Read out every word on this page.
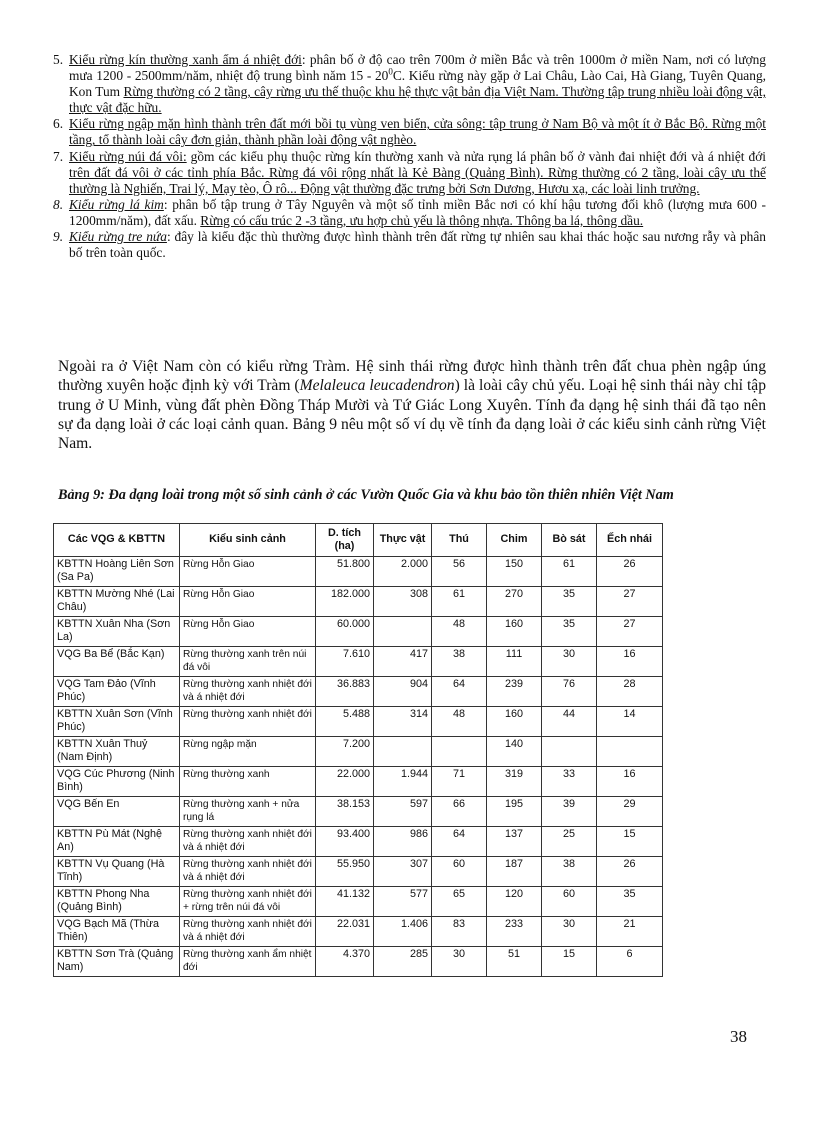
5. Kiểu rừng kín thường xanh ẩm á nhiệt đới: phân bố ở độ cao trên 700m ở miền Bắc và trên 1000m ở miền Nam, nơi có lượng mưa 1200 - 2500mm/năm, nhiệt độ trung bình năm $15 - 20^0C$. Kiểu rừng này gặp ở Lai Châu, Lào Cai, Hà Giang, Tuyên Quang, Kon Tum Rừng thường có 2 tầng, cây rừng ưu thế thuộc khu hệ thực vật bản địa Việt Nam. Thường tập trung nhiều loài động vật, thực vật đặc hữu.
6. Kiểu rừng ngập mặn hình thành trên đất mới bồi tụ vùng ven biển, cửa sông: tập trung ở Nam Bộ và một ít ở Bắc Bộ. Rừng một tầng, tổ thành loài cây đơn giản, thành phần loài động vật nghèo.
7. Kiểu rừng núi đá vôi: gồm các kiểu phụ thuộc rừng kín thường xanh và nửa rụng lá phân bố ở vành đai nhiệt đới và á nhiệt đới trên đất đá vôi ở các tỉnh phía Bắc. Rừng đá vôi rộng nhất là Kẻ Bàng (Quảng Bình). Rừng thường có 2 tầng, loài cây ưu thế thường là Nghiến, Trai lý, Mạy tèo, Ô rô... Động vật thường đặc trưng bởi Sơn Dương, Hươu xạ, các loài linh trưởng.
8. Kiểu rừng lá kim: phân bố tập trung ở Tây Nguyên và một số tỉnh miền Bắc nơi có khí hậu tương đối khô (lượng mưa 600 - 1200mm/năm), đất xấu. Rừng có cấu trúc 2 -3 tầng, ưu hợp chủ yếu là thông nhựa. Thông ba lá, thông dầu.
9. Kiểu rừng tre nứa: đây là kiểu đặc thù thường được hình thành trên đất rừng tự nhiên sau khai thác hoặc sau nương rẫy và phân bố trên toàn quốc.

Ngoài ra ở Việt Nam còn có kiểu rừng Tràm. Hệ sinh thái rừng được hình thành trên đất chua phèn ngập úng thường xuyên hoặc định kỳ với Tràm (Melaleuca leucadendron) là loài cây chủ yếu. Loại hệ sinh thái này chỉ tập trung ở U Minh, vùng đất phèn Đồng Tháp Mười và Tứ Giác Long Xuyên. Tính đa dạng hệ sinh thái đã tạo nên sự đa dạng loài ở các loại cảnh quan. Bảng 9 nêu một số ví dụ về tính đa dạng loài ở các kiểu sinh cảnh rừng Việt Nam.

Bảng 9: Đa dạng loài trong một số sinh cảnh ở các Vườn Quốc Gia và khu bảo tồn thiên nhiên Việt Nam

Các VQG & KBTTN	Kiểu sinh cảnh	D. tích (ha)	Thực vật	Thú	Chim	Bò sát	Ếch nhái
KBTTN Hoàng Liên Sơn (Sa Pa)	Rừng Hỗn Giao	51.800	2.000	56	150	61	26
KBTTN Mường Nhé (Lai Châu)	Rừng Hỗn Giao	182.000	308	61	270	35	27
KBTTN Xuân Nha (Sơn La)	Rừng Hỗn Giao	60.000		48	160	35	27
VQG Ba Bể (Bắc Kạn)	Rừng thường xanh trên núi đá vôi	7.610	417	38	111	30	16
VQG Tam Đảo (Vĩnh Phúc)	Rừng thường xanh nhiệt đới và á nhiệt đới	36.883	904	64	239	76	28
KBTTN Xuân Sơn (Vĩnh Phúc)	Rừng thường xanh nhiệt đới	5.488	314	48	160	44	14
KBTTN Xuân Thuỷ (Nam Định)	Rừng ngập mặn	7.200			140		
VQG Cúc Phương (Ninh Bình)	Rừng thường xanh	22.000	1.944	71	319	33	16
VQG Bến En	Rừng thường xanh + nửa rụng lá	38.153	597	66	195	39	29
KBTTN Pù Mát (Nghệ An)	Rừng thường xanh nhiệt đới và á nhiệt đới	93.400	986	64	137	25	15
KBTTN Vụ Quang (Hà Tĩnh)	Rừng thường xanh nhiệt đới và á nhiệt đới	55.950	307	60	187	38	26
KBTTN Phong Nha (Quảng Bình)	Rừng thường xanh nhiệt đới + rừng trên núi đá vôi	41.132	577	65	120	60	35
VQG Bạch Mã (Thừa Thiên)	Rừng thường xanh nhiệt đới và á nhiệt đới	22.031	1.406	83	233	30	21
KBTTN Sơn Trà (Quảng Nam)	Rừng thường xanh ẩm nhiệt đới	4.370	285	30	51	15	6
38
